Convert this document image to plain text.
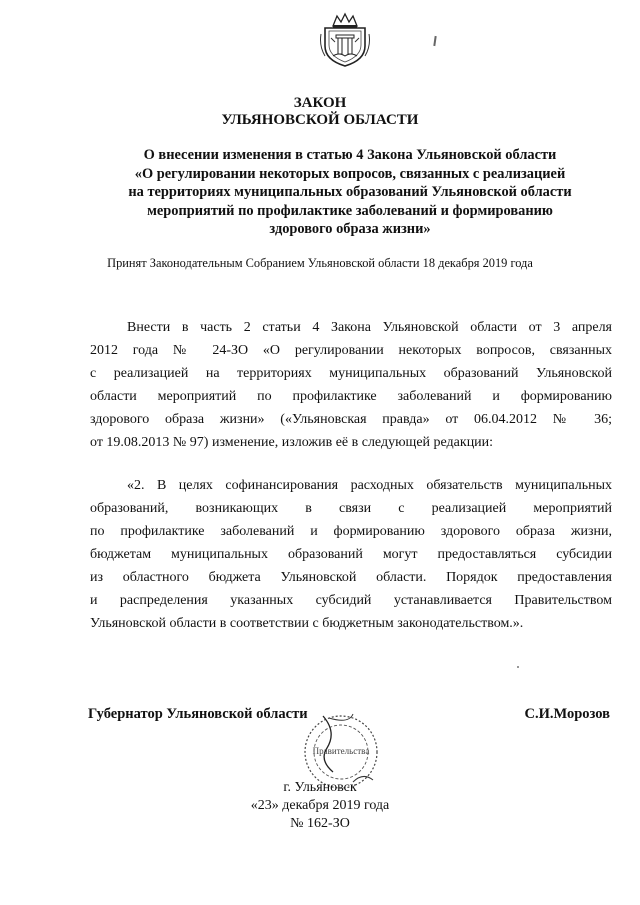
ЗАКОН
УЛЬЯНОВСКОЙ ОБЛАСТИ
О внесении изменения в статью 4 Закона Ульяновской области
«О регулировании некоторых вопросов, связанных с реализацией
на территориях муниципальных образований Ульяновской области
мероприятий по профилактике заболеваний и формированию
здорового образа жизни»
Принят Законодательным Собранием Ульяновской области 18 декабря 2019 года
Внести в часть 2 статьи 4 Закона Ульяновской области от 3 апреля
2012 года № 24-ЗО «О регулировании некоторых вопросов, связанных
с реализацией на территориях муниципальных образований Ульяновской
области мероприятий по профилактике заболеваний и формированию
здорового образа жизни» («Ульяновская правда» от 06.04.2012 № 36;
от 19.08.2013 № 97) изменение, изложив её в следующей редакции:
«2. В целях софинансирования расходных обязательств муниципальных
образований, возникающих в связи с реализацией мероприятий
по профилактике заболеваний и формированию здорового образа жизни,
бюджетам муниципальных образований могут предоставляться субсидии
из областного бюджета Ульяновской области. Порядок предоставления
и распределения указанных субсидий устанавливается Правительством
Ульяновской области в соответствии с бюджетным законодательством.».
Губернатор Ульяновской области	С.И.Морозов
Правительства
г. Ульяновск
«23» декабря 2019 года
№ 162-ЗО
